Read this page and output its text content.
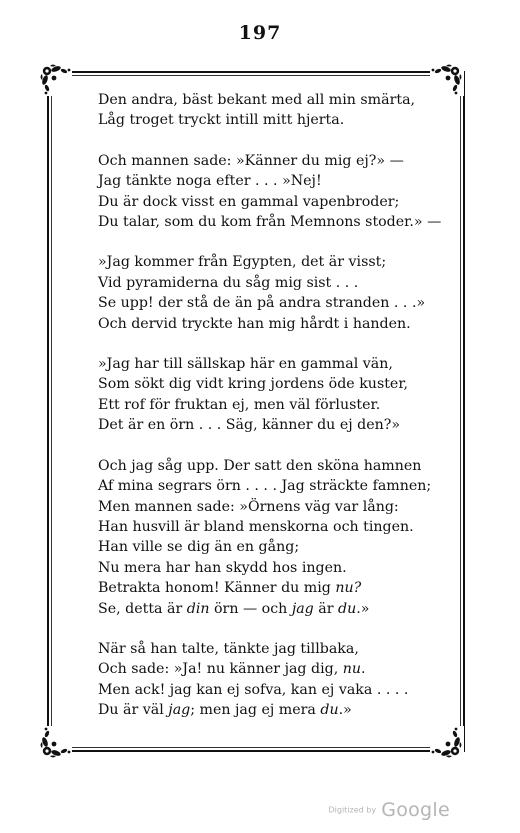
197
Den andra, bäst bekant med all min smärta,
Låg troget tryckt intill mitt hjerta.
Och mannen sade: »Känner du mig ej?» —
Jag tänkte noga efter . . . »Nej!
Du är dock visst en gammal vapenbroder;
Du talar, som du kom från Memnons stoder.» —
»Jag kommer från Egypten, det är visst;
Vid pyramiderna du såg mig sist . . .
Se upp! der stå de än på andra stranden . . .»
Och dervid tryckte han mig hårdt i handen.
»Jag har till sällskap här en gammal vän,
Som sökt dig vidt kring jordens öde kuster,
Ett rof för fruktan ej, men väl förluster.
Det är en örn . . . Säg, känner du ej den?»
Och jag såg upp. Der satt den sköna hamnen
Af mina segrars örn . . . . Jag sträckte famnen;
Men mannen sade: »Örnens väg var lång:
Han husvill är bland menskorna och tingen.
Han ville se dig än en gång;
Nu mera har han skydd hos ingen.
Betrakta honom! Känner du mig nu?
Se, detta är din örn — och jag är du.»
När så han talte, tänkte jag tillbaka,
Och sade: »Ja! nu känner jag dig, nu.
Men ack! jag kan ej sofva, kan ej vaka . . . .
Du är väl jag; men jag ej mera du.»
Digitized by Google
